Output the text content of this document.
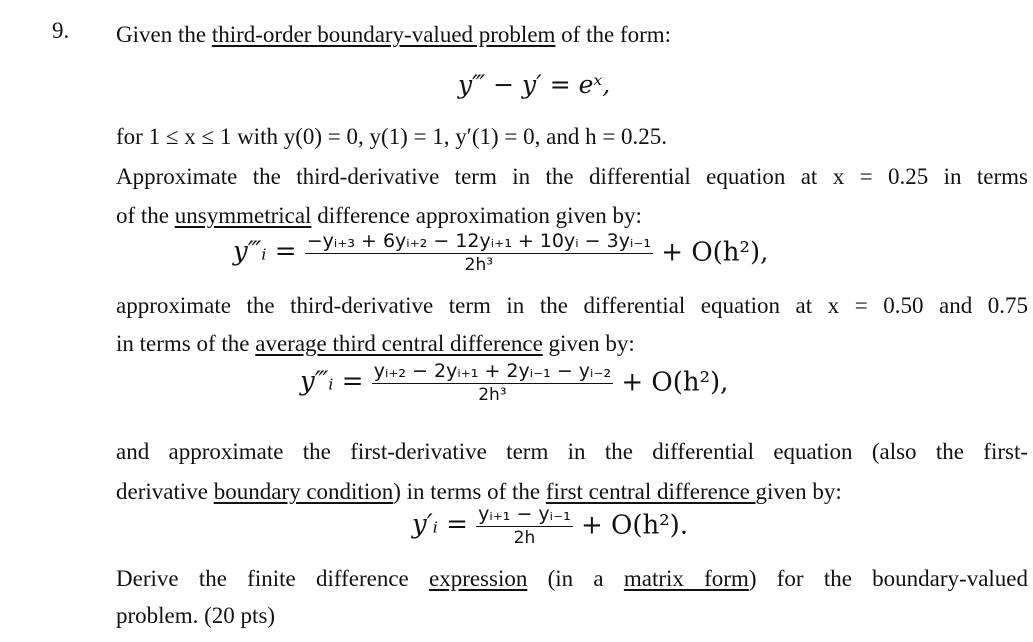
9. Given the third-order boundary-valued problem of the form:
y‴ − y′ = eˣ,
for 1 ≤ x ≤ 1 with y(0) = 0, y(1) = 1, y′(1) = 0, and h = 0.25.
Approximate the third-derivative term in the differential equation at x = 0.25 in terms
of the unsymmetrical difference approximation given by:
y‴ᵢ = $\frac{\text{−yᵢ₊₃ + 6yᵢ₊₂ − 12yᵢ₊₁ + 10yᵢ − 3yᵢ₋₁}}{\text{2h³}} + O(h^2)$,
approximate the third-derivative term in the differential equation at x = 0.50 and 0.75
in terms of the average third central difference given by:
y‴ᵢ = $\frac{\text{yᵢ₊₂ − 2yᵢ₊₁ + 2yᵢ₋₁ − yᵢ₋₂}}{\text{2h³}} + O(h^2)$,
and approximate the first-derivative term in the differential equation (also the first-
derivative boundary condition) in terms of the first central difference given by:
y′ᵢ = $\frac{\text{yᵢ₊₁ − yᵢ₋₁}}{2h} + O(h^2)$.
Derive the finite difference expression (in a matrix form) for the boundary-valued
problem. (20 pts)
